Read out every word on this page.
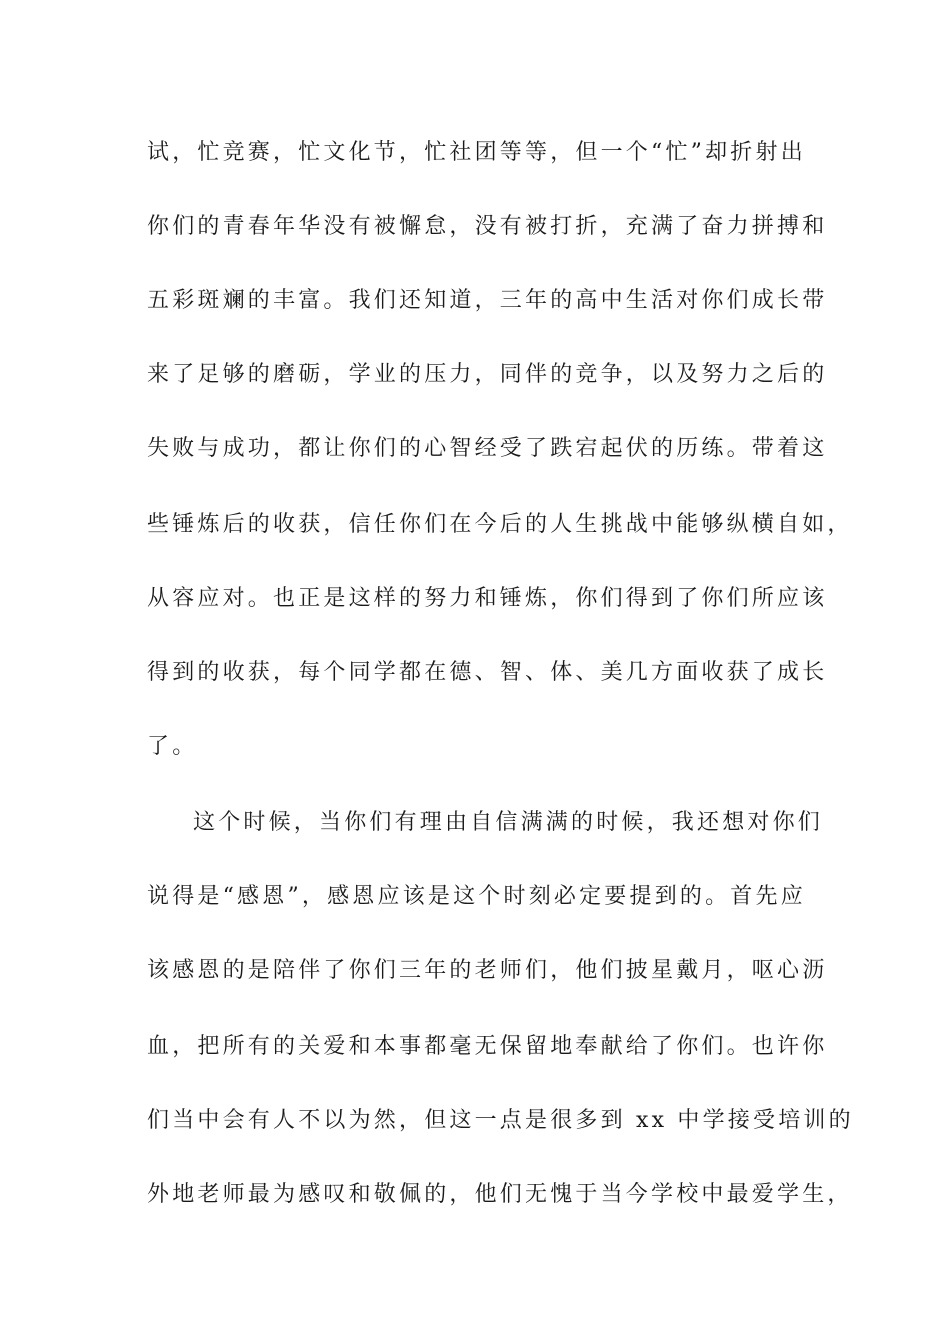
试，忙竞赛，忙文化节，忙社团等等，但一个“忙”却折射出
你们的青春年华没有被懈怠，没有被打折，充满了奋力拼搏和
五彩斑斓的丰富。我们还知道，三年的高中生活对你们成长带
来了足够的磨砺，学业的压力，同伴的竞争，以及努力之后的
失败与成功，都让你们的心智经受了跌宕起伏的历练。带着这
些锤炼后的收获，信任你们在今后的人生挑战中能够纵横自如，
从容应对。也正是这样的努力和锤炼，你们得到了你们所应该
得到的收获，每个同学都在德、智、体、美几方面收获了成长
了。
这个时候，当你们有理由自信满满的时候，我还想对你们
说得是“感恩”，感恩应该是这个时刻必定要提到的。首先应
该感恩的是陪伴了你们三年的老师们，他们披星戴月，呕心沥
血，把所有的关爱和本事都毫无保留地奉献给了你们。也许你
们当中会有人不以为然，但这一点是很多到 xx 中学接受培训的
外地老师最为感叹和敬佩的，他们无愧于当今学校中最爱学生，
